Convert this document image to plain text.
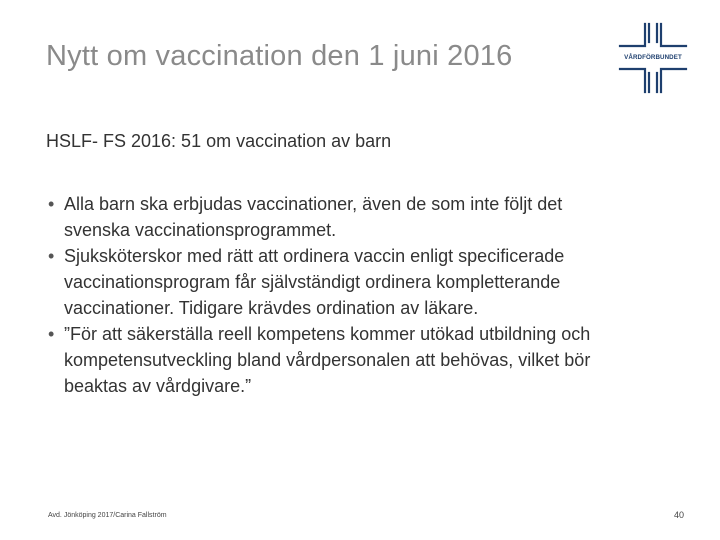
Nytt om vaccination den 1 juni 2016	VÅRDFÖRBUNDET
HSLF- FS 2016: 51 om vaccination av barn
• Alla barn ska erbjudas vaccinationer, även de som inte följt det svenska vaccinationsprogrammet.
• Sjuksköterskor med rätt att ordinera vaccin enligt specificerade vaccinationsprogram får självständigt ordinera kompletterande vaccinationer. Tidigare krävdes ordination av läkare.
• ”För att säkerställa reell kompetens kommer utökad utbildning och kompetensutveckling bland vårdpersonalen att behövas, vilket bör beaktas av vårdgivare.”
Avd. Jönköping 2017/Carina Fallström	40
